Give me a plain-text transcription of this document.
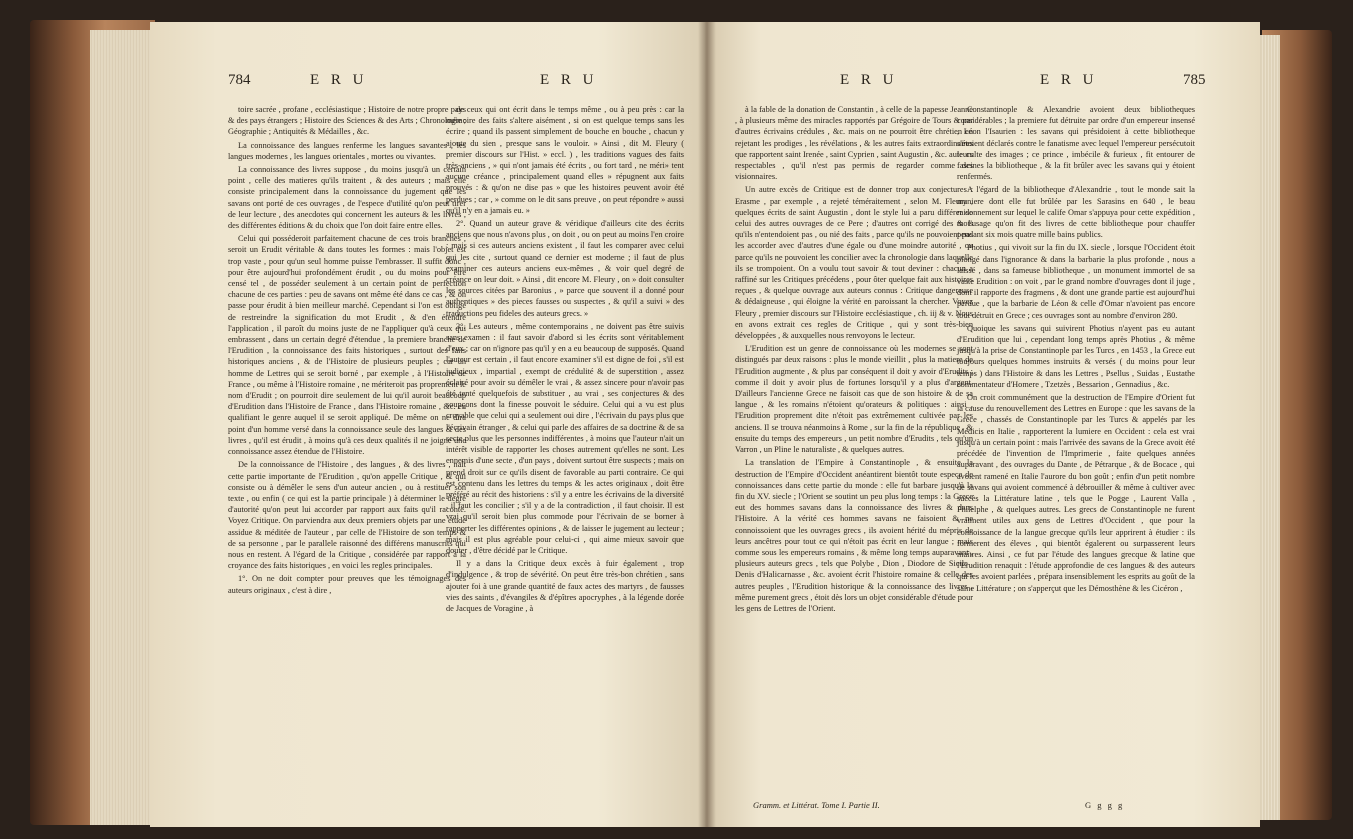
784	E R U	E R U

toire sacrée , profane , ecclésiastique ; Histoire de notre propre pays & des pays étrangers ; Histoire des Sciences & des Arts ; Chronologie ; Géographie ; Antiquités & Médailles , &c.

La connoissance des langues renferme les langues savantes , les langues modernes , les langues orientales , mortes ou vivantes.

La connoissance des livres suppose , du moins jusqu'à un certain point , celle des matieres qu'ils traitent , & des auteurs ; mais elle consiste principalement dans la connoissance du jugement que les savans ont porté de ces ouvrages , de l'espece d'utilité qu'on peut tirer de leur lecture , des anecdotes qui concernent les auteurs & les livres , des différentes éditions & du choix que l'on doit faire entre elles.

Celui qui posséderoit parfaitement chacune de ces trois branches , seroit un Erudit véritable & dans toutes les formes : mais l'objet est trop vaste , pour qu'un seul homme puisse l'embrasser. Il suffit donc , pour être aujourd'hui profondément érudit , ou du moins pour être censé tel , de posséder seulement à un certain point de perfection chacune de ces parties : peu de savans ont même été dans ce cas , & on passe pour érudit à bien meilleur marché. Cependant si l'on est obligé de restreindre la signification du mot Erudit , & d'en étendre l'application , il paroît du moins juste de ne l'appliquer qu'à ceux qui embrassent , dans un certain degré d'étendue , la premiere branche de l'Erudition , la connoissance des faits historiques , surtout des faits historiques anciens , & de l'Histoire de plusieurs peuples ; car un homme de Lettres qui se seroit borné , par exemple , à l'Histoire de France , ou même à l'Histoire romaine , ne mériteroit pas proprement le nom d'Erudit ; on pourroit dire seulement de lui qu'il auroit beaucoup d'Erudition dans l'Histoire de France , dans l'Histoire romaine , &c. en qualifiant le genre auquel il se seroit appliqué. De même on ne dira point d'un homme versé dans la connoissance seule des langues & des livres , qu'il est érudit , à moins qu'à ces deux qualités il ne joigne une connoissance assez étendue de l'Histoire.

De la connoissance de l'Histoire , des langues , & des livres , naît cette partie importante de l'Erudition , qu'on appelle Critique , & qui consiste ou à démêler le sens d'un auteur ancien , ou à restituer son texte , ou enfin ( ce qui est la partie principale ) à déterminer le degré d'autorité qu'on peut lui accorder par rapport aux faits qu'il raconte. Voyez Critique. On parviendra aux deux premiers objets par une étude assidue & méditée de l'auteur , par celle de l'Histoire de son temps & de sa personne , par le parallele raisonné des différens manuscrits qui nous en restent. A l'égard de la Critique , considérée par rapport à la croyance des faits historiques , en voici les regles principales.

1°. On ne doit compter pour preuves que les témoignages des auteurs originaux , c'est à dire ,

de ceux qui ont écrit dans le temps même , ou à peu près : car la mémoire des faits s'altere aisément , si on est quelque temps sans les écrire ; quand ils passent simplement de bouche en bouche , chacun y ajoute du sien , presque sans le vouloir. » Ainsi , dit M. Fleury ( premier discours sur l'Hist. » eccl. ) , les traditions vagues des faits très-anciens , » qui n'ont jamais été écrits , ou fort tard , ne méri» tent aucune créance , principalement quand elles » répugnent aux faits prouvés : & qu'on ne dise pas » que les histoires peuvent avoir été perdues ; car , » comme on le dit sans preuve , on peut répondre » aussi qu'il n'y en a jamais eu. »

2°. Quand un auteur grave & véridique d'ailleurs cite des écrits anciens que nous n'avons plus , on doit , ou on peut au moins l'en croire : mais si ces auteurs anciens existent , il faut les comparer avec celui qui les cite , surtout quand ce dernier est moderne ; il faut de plus examiner ces auteurs anciens eux-mêmes , & voir quel degré de créance on leur doit. » Ainsi , dit encore M. Fleury , on » doit consulter les sources citées par Baronius , » parce que souvent il a donné pour authentiques » des pieces fausses ou suspectes , & qu'il a suivi » des traductions peu fideles des auteurs grecs. »

3°. Les auteurs , même contemporains , ne doivent pas être suivis sans examen : il faut savoir d'abord si les écrits sont véritablement d'eux ; car on n'ignore pas qu'il y en a eu beaucoup de supposés. Quand l'auteur est certain , il faut encore examiner s'il est digne de foi , s'il est judicieux , impartial , exempt de crédulité & de superstition , assez éclairé pour avoir su démêler le vrai , & assez sincere pour n'avoir pas été tenté quelquefois de substituer , au vrai , ses conjectures & des soupçons dont la finesse pouvoit le séduire. Celui qui a vu est plus croyable que celui qui a seulement oui dire , l'écrivain du pays plus que l'écrivain étranger , & celui qui parle des affaires de sa doctrine & de sa secte plus que les personnes indifférentes , à moins que l'auteur n'ait un intérêt visible de rapporter les choses autrement qu'elles ne sont. Les ennemis d'une secte , d'un pays , doivent surtout être suspects ; mais on prend droit sur ce qu'ils disent de favorable au parti contraire. Ce qui est contenu dans les lettres du temps & les actes originaux , doit être préféré au récit des historiens : s'il y a entre les écrivains de la diversité , il faut les concilier ; s'il y a de la contradiction , il faut choisir. Il est vrai qu'il seroit bien plus commode pour l'écrivain de se borner à rapporter les différentes opinions , & de laisser le jugement au lecteur ; mais il est plus agréable pour celui-ci , qui aime mieux savoir que douter , d'être décidé par le Critique.

Il y a dans la Critique deux excès à fuir également , trop d'indulgence , & trop de sévérité. On peut être très-bon chrétien , sans ajouter foi à une grande quantité de faux actes des martyrs , de fausses vies des saints , d'évangiles & d'épîtres apocryphes , à la légende dorée de Jacques de Voragine , à

E R U	E R U	785

à la fable de la donation de Constantin , à celle de la papesse Jeanne , à plusieurs même des miracles rapportés par Grégoire de Tours & par d'autres écrivains crédules , &c. mais on ne pourroit être chrétien en rejetant les prodiges , les révélations , & les autres faits extraordinaires que rapportent saint Irenée , saint Cyprien , saint Augustin , &c. auteurs respectables , qu'il n'est pas permis de regarder comme des visionnaires.

Un autre excès de Critique est de donner trop aux conjectures : Erasme , par exemple , a rejeté téméraitement , selon M. Fleury , quelques écrits de saint Augustin , dont le style lui a paru différer de celui des autres ouvrages de ce Pere ; d'autres ont corrigé des mots qu'ils n'entendoient pas , ou nié des faits , parce qu'ils ne pouvoient pas les accorder avec d'autres d'une égale ou d'une moindre autorité , ou parce qu'ils ne pouvoient les concilier avec la chronologie dans laquelle ils se trompoient. On a voulu tout savoir & tout deviner : chacun a raffiné sur les Critiques précédens , pour ôter quelque fait aux histoires reçues , & quelque ouvrage aux auteurs connus : Critique dangereuse & dédaigneuse , qui éloigne la vérité en paroissant la chercher. Voyez Fleury , premier discours sur l'Histoire ecclésiastique , ch. iij & v. Nous en avons extrait ces regles de Critique , qui y sont très-bien développées , & auxquelles nous renvoyons le lecteur.

L'Erudition est un genre de connoissance où les modernes se sont distingués par deux raisons : plus le monde vieillit , plus la matiere de l'Erudition augmente , & plus par conséquent il doit y avoir d'Erudits ; comme il doit y avoir plus de fortunes lorsqu'il y a plus d'argent. D'ailleurs l'ancienne Grece ne faisoit cas que de son histoire & de sa langue , & les romains n'étoient qu'orateurs & politiques : ainsi , l'Erudition proprement dite n'étoit pas extrêmement cultivée par les anciens. Il se trouva néanmoins à Rome , sur la fin de la république , & ensuite du temps des empereurs , un petit nombre d'Erudits , tels qu'un Varron , un Pline le naturaliste , & quelques autres.

La translation de l'Empire à Constantinople , & ensuite la destruction de l'Empire d'Occident anéantirent bientôt toute espece de connoissances dans cette partie du monde : elle fut barbare jusqu'à la fin du XV. siecle ; l'Orient se soutint un peu plus long temps : la Grece eut des hommes savans dans la connoissance des livres & dans l'Histoire. A la vérité ces hommes savans ne faisoient & ne connoissoient que les ouvrages grecs , ils avoient hérité du mépris de leurs ancêtres pour tout ce qui n'étoit pas écrit en leur langue ; mais comme sous les empereurs romains , & même long temps auparavant , plusieurs auteurs grecs , tels que Polybe , Dion , Diodore de Sicile , Denis d'Halicarnasse , &c. avoient écrit l'histoire romaine & celle des autres peuples , l'Erudition historique & la connoissance des livres , même purement grecs , étoit dès lors un objet considérable d'étude pour les gens de Lettres de l'Orient.

Constantinople & Alexandrie avoient deux bibliotheques considérables ; la premiere fut détruite par ordre d'un empereur insensé , Léon l'Isaurien : les savans qui présidoient à cette bibliotheque s'étoient déclarés contre le fanatisme avec lequel l'empereur persécutoit le culte des images ; ce prince , imbécile & furieux , fit entourer de fascines la bibliotheque , & la fit brûler avec les savans qui y étoient renfermés.

A l'égard de la bibliotheque d'Alexandrie , tout le monde sait la maniere dont elle fut brûlée par les Sarasins en 640 , le beau raisonnement sur lequel le calife Omar s'appuya pour cette expédition , & l'usage qu'on fit des livres de cette bibliotheque pour chauffer pendant six mois quatre mille bains publics.

Photius , qui vivoit sur la fin du IX. siecle , lorsque l'Occident étoit plongé dans l'ignorance & dans la barbarie la plus profonde , nous a laissé , dans sa fameuse bibliotheque , un monument immortel de sa vaste Erudition : on voit , par le grand nombre d'ouvrages dont il juge , dont il rapporte des fragmens , & dont une grande partie est aujourd'hui perdue , que la barbarie de Léon & celle d'Omar n'avoient pas encore tout détruit en Grece ; ces ouvrages sont au nombre d'environ 280.

Quoique les savans qui suivirent Photius n'ayent pas eu autant d'Erudition que lui , cependant long temps après Photius , & même jusqu'à la prise de Constantinople par les Turcs , en 1453 , la Grece eut toujours quelques hommes instruits & versés ( du moins pour leur temps ) dans l'Histoire & dans les Lettres , Psellus , Suidas , Eustathe commentateur d'Homere , Tzetzès , Bessarion , Gennadius , &c.

On croit communément que la destruction de l'Empire d'Orient fut la cause du renouvellement des Lettres en Europe : que les savans de la Grece , chassés de Constantinople par les Turcs & appelés par les Médicis en Italie , rapporterent la lumiere en Occident : cela est vrai jusqu'à un certain point : mais l'arrivée des savans de la Grece avoit été précédée de l'invention de l'Imprimerie , faite quelques années auparavant , des ouvrages du Dante , de Pétrarque , & de Bocace , qui avoient ramené en Italie l'aurore du bon goût ; enfin d'un petit nombre de savans qui avoient commencé à débrouiller & même à cultiver avec succès la Littérature latine , tels que le Pogge , Laurent Valla , Philelphe , & quelques autres. Les grecs de Constantinople ne furent vraiment utiles aux gens de Lettres d'Occident , que pour la connoissance de la langue grecque qu'ils leur apprirent à étudier : ils formerent des éleves , qui bientôt égalerent ou surpasserent leurs maîtres. Ainsi , ce fut par l'étude des langues grecque & latine que l'Erudition renaquit : l'étude approfondie de ces langues & des auteurs qui les avoient parlées , prépara insensiblement les esprits au goût de la saine Littérature ; on s'apperçut que les Démosthène & les Cicéron ,

Gramm. et Littérat. Tome I. Partie II.	G g g g
